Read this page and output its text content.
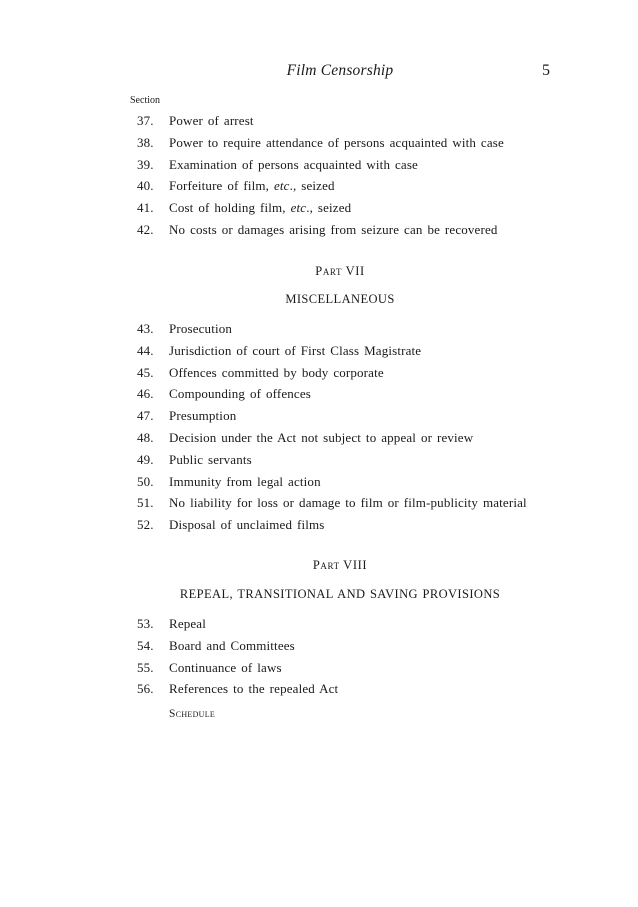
Film Censorship	5
Section
37. Power of arrest
38. Power to require attendance of persons acquainted with case
39. Examination of persons acquainted with case
40. Forfeiture of film, etc., seized
41. Cost of holding film, etc., seized
42. No costs or damages arising from seizure can be recovered
Part VII
MISCELLANEOUS
43. Prosecution
44. Jurisdiction of court of First Class Magistrate
45. Offences committed by body corporate
46. Compounding of offences
47. Presumption
48. Decision under the Act not subject to appeal or review
49. Public servants
50. Immunity from legal action
51. No liability for loss or damage to film or film-publicity material
52. Disposal of unclaimed films
Part VIII
REPEAL, TRANSITIONAL AND SAVING PROVISIONS
53. Repeal
54. Board and Committees
55. Continuance of laws
56. References to the repealed Act
Schedule
